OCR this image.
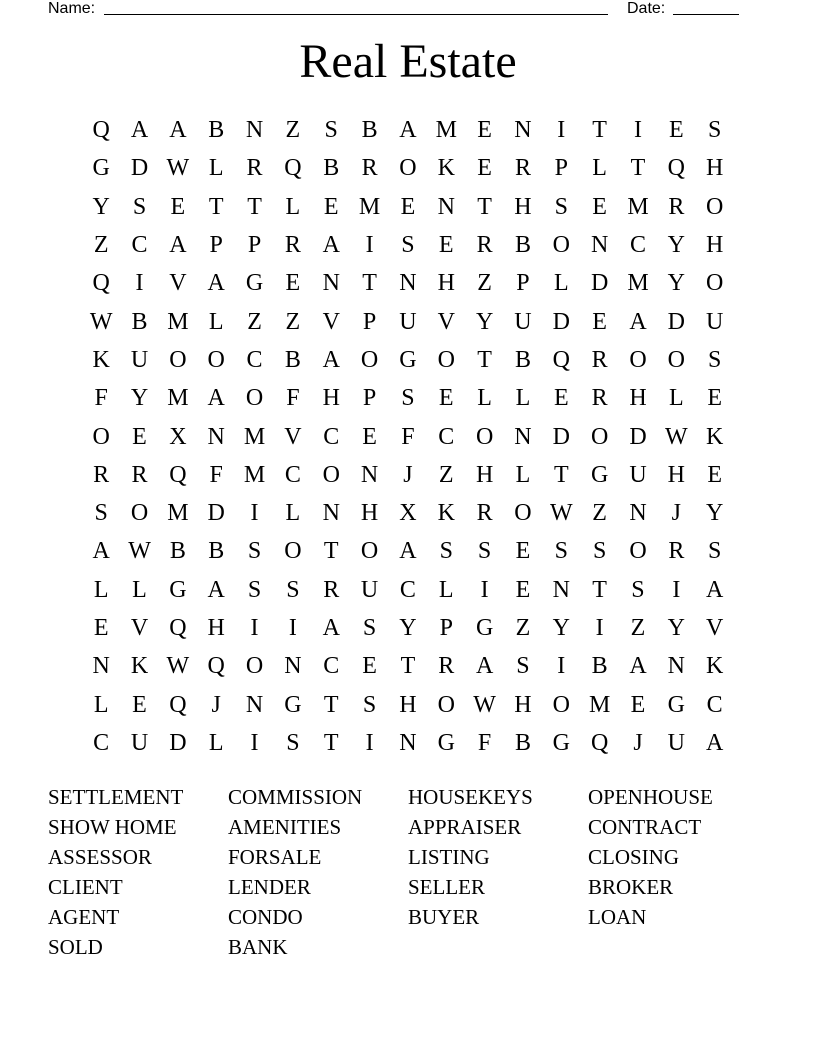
Name:	Date:
Real Estate
Q A A B N Z	S B A M E N	I	T	I	E	S
G D W L R Q B R O K E R P	L T Q H
Y S	E T T L E M E N T H S	E M R O
Z C A P	P R A	I	S	E R B O N C Y H
Q	I	V A G E N T N H Z	P	L D M Y O
W B M L Z Z V P U V Y U D E A D U
K U O O C B A O G O T B Q R O O S
F Y M A O F H P	S	E L L E R H L E
O E X N M V C E	F C O N D O D W K
R R Q F M C O N	J	Z H L T G U H E
S O M D	I	L N H X K R O W Z N	J	Y
A W B B S O T O A S	S	E	S	S O R S
L L G A S	S R U C L	I	E N T	S	I	A
E V Q H	I	I	A S Y P G Z Y	I	Z Y V
N K W Q O N C E T R A S	I	B A N K
L E Q	J	N G T	S H O W H O M E G C
C U D L	I	S	T	I	N G F B G Q	J	U A
SETTLEMENT	COMMISSION	HOUSEKEYS	OPENHOUSE
SHOW HOME	AMENITIES	APPRAISER	CONTRACT
ASSESSOR	FORSALE	LISTING	CLOSING
CLIENT	LENDER	SELLER	BROKER
AGENT	CONDO	BUYER	LOAN
SOLD	BANK
